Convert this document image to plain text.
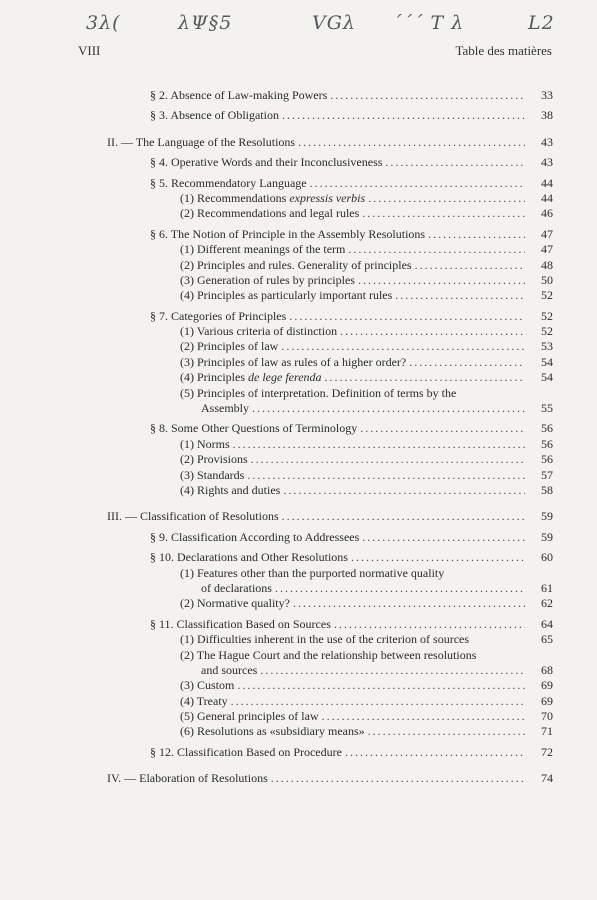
3λ(	λΨ§5	VGλ ´´´ T λ	L2
VIII	Table des matières
§ 2. Absence of Law-making Powers .....	33
§ 3. Absence of Obligation .....	38
II. — The Language of the Resolutions .....	43
§ 4. Operative Words and their Inconclusiveness .....	43
§ 5. Recommendatory Language .....	44
(1) Recommendations expressis verbis .....	44
(2) Recommendations and legal rules .....	46
§ 6. The Notion of Principle in the Assembly Resolutions .....	47
(1) Different meanings of the term .....	47
(2) Principles and rules. Generality of principles .....	48
(3) Generation of rules by principles .....	50
(4) Principles as particularly important rules .....	52
§ 7. Categories of Principles .....	52
(1) Various criteria of distinction .....	52
(2) Principles of law .....	53
(3) Principles of law as rules of a higher order? .....	54
(4) Principles de lege ferenda .....	54
(5) Principles of interpretation. Definition of terms by the
Assembly .....	55
§ 8. Some Other Questions of Terminology .....	56
(1) Norms .....	56
(2) Provisions .....	56
(3) Standards .....	57
(4) Rights and duties .....	58
III. — Classification of Resolutions .....	59
§ 9. Classification According to Addressees .....	59
§ 10. Declarations and Other Resolutions .....	60
(1) Features other than the purported normative quality
of declarations .....	61
(2) Normative quality? .....	62
§ 11. Classification Based on Sources .....	64
(1) Difficulties inherent in the use of the criterion of sources	65
(2) The Hague Court and the relationship between resolutions
and sources .....	68
(3) Custom .....	69
(4) Treaty .....	69
(5) General principles of law .....	70
(6) Resolutions as «subsidiary means» .....	71
§ 12. Classification Based on Procedure .....	72
IV. — Elaboration of Resolutions .....	74
